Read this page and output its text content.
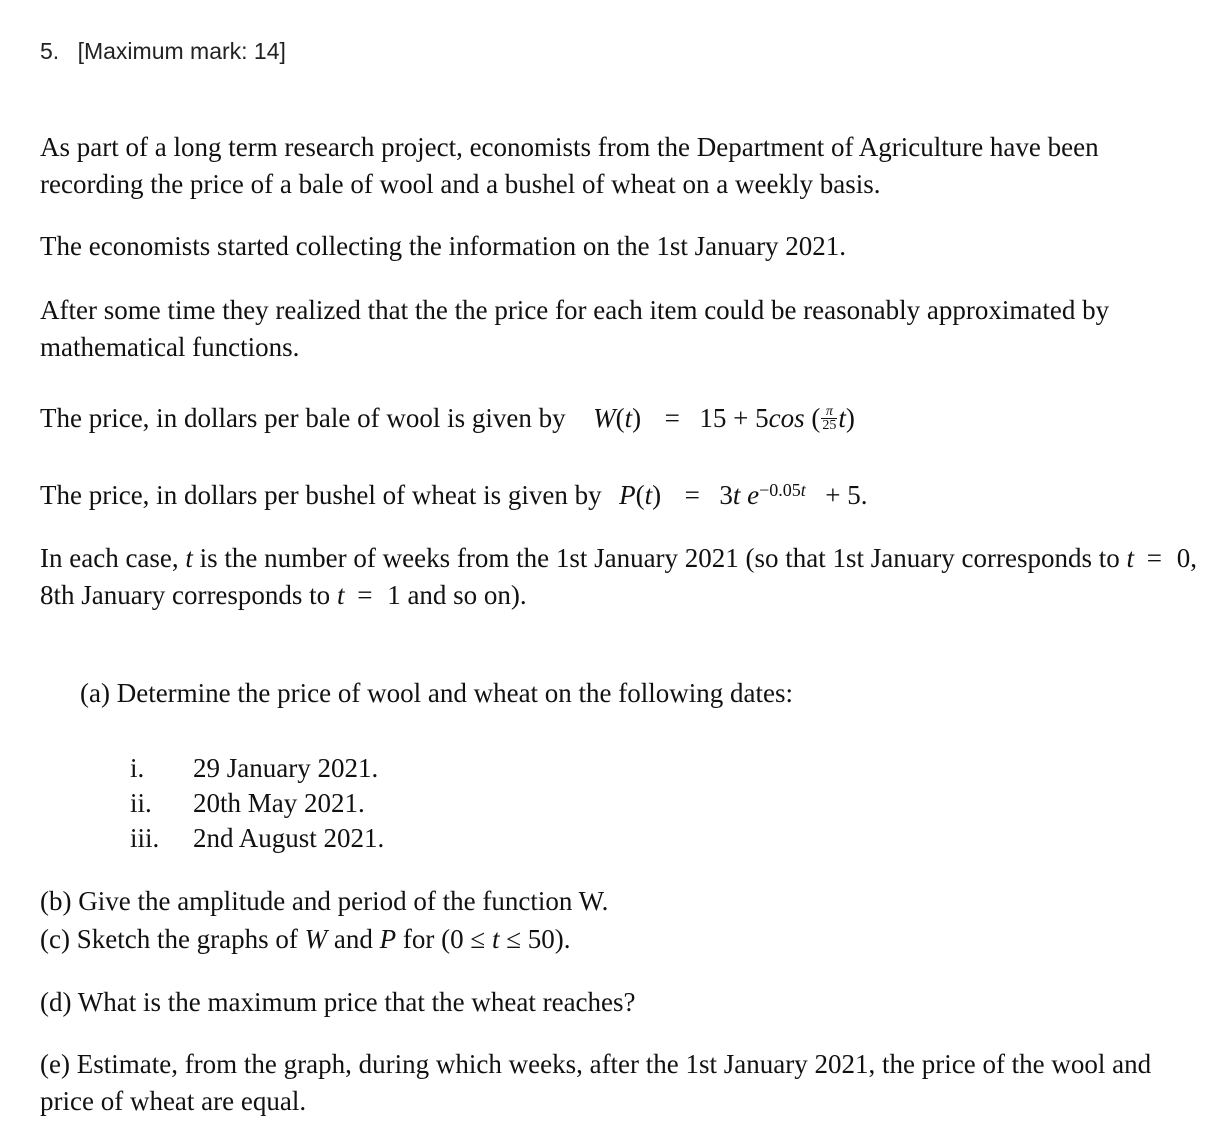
5. [Maximum mark: 14]

As part of a long term research project, economists from the Department of Agriculture have been recording the price of a bale of wool and a bushel of wheat on a weekly basis.

The economists started collecting the information on the 1st January 2021.

After some time they realized that the the price for each item could be reasonably approximated by mathematical functions.

The price, in dollars per bale of wool is given by W(t)  = 15 + 5cos ( $\frac{\pi}{25} t$)

The price, in dollars per bushel of wheat is given by P(t)  = 3t $e^{-0.05t} + 5$.

In each case, t is the number of weeks from the 1st January 2021 (so that 1st January corresponds to t = 0, 8th January corresponds to t = 1 and so on).

(a) Determine the price of wool and wheat on the following dates:

i.	29 January 2021.
ii.	20th May 2021.
iii.	2nd August 2021.

(b) Give the amplitude and period of the function W.

(c) Sketch the graphs of W and P for (0 ≤ t ≤ 50).

(d) What is the maximum price that the wheat reaches?

(e) Estimate, from the graph, during which weeks, after the 1st January 2021, the price of the wool and price of wheat are equal.
